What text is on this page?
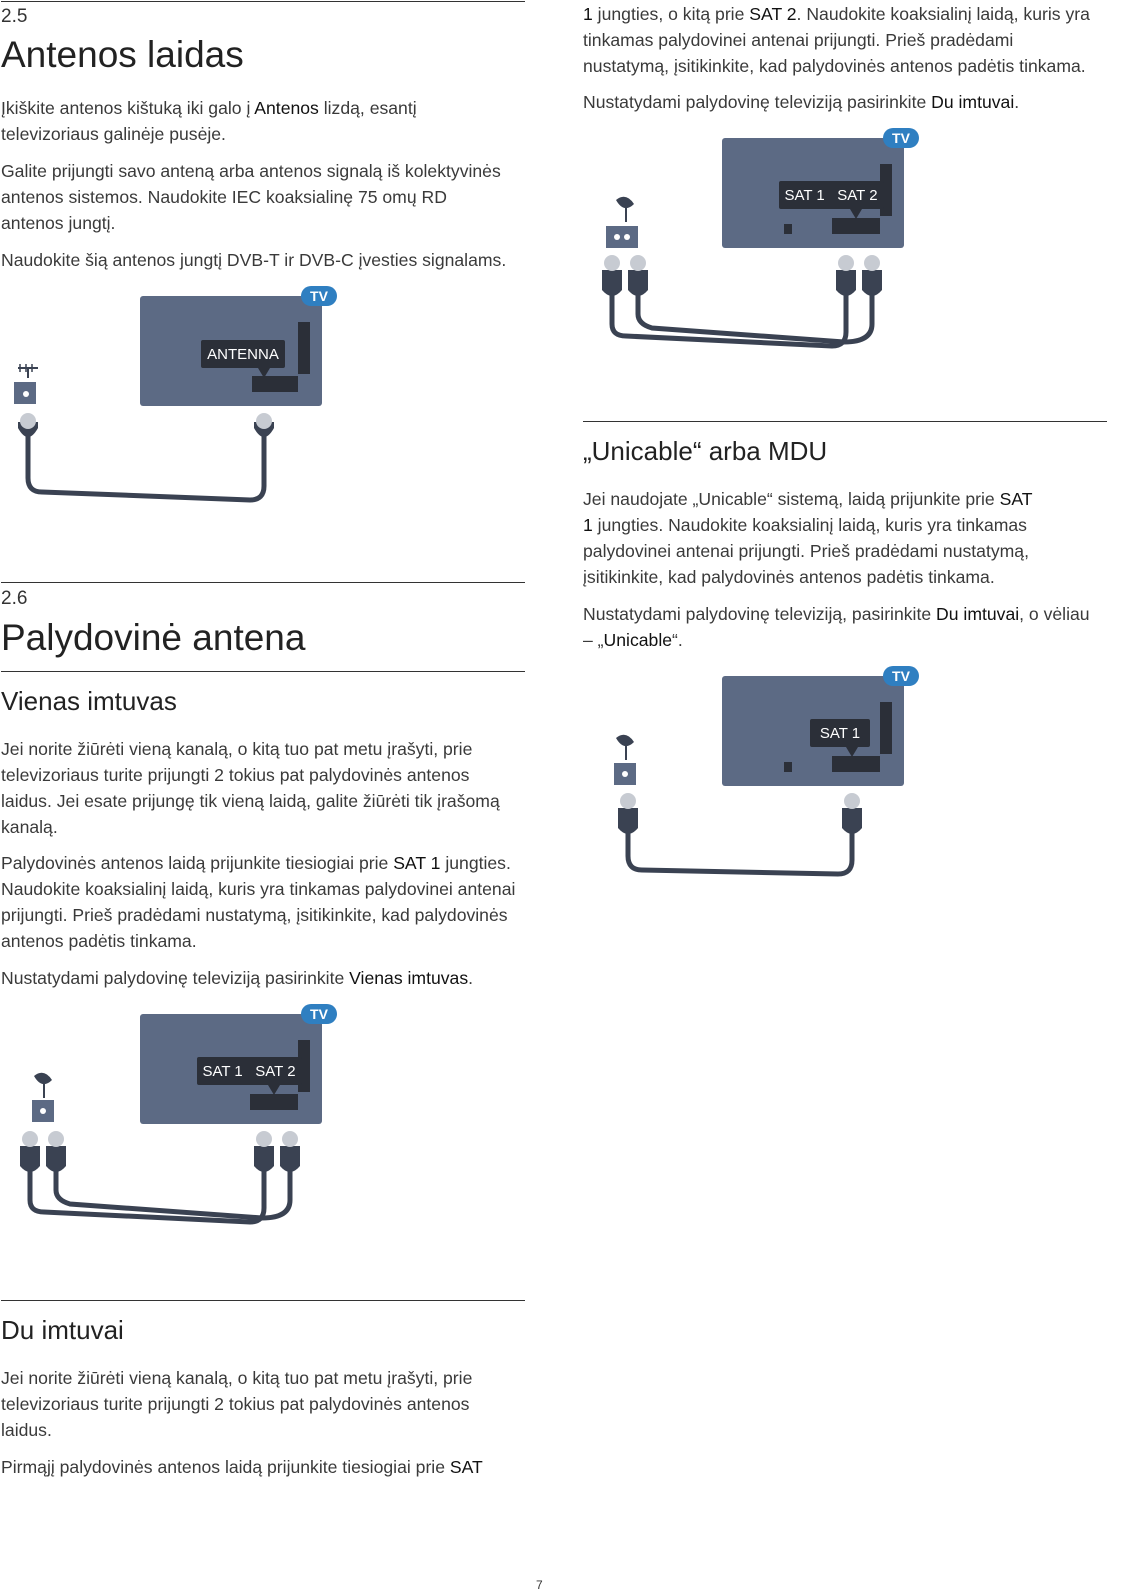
2.5
Antenos laidas

Įkiškite antenos kištuką iki galo į Antenos lizdą, esantį
televizoriaus galinėje pusėje.

Galite prijungti savo anteną arba antenos signalą iš kolektyvinės
antenos sistemos. Naudokite IEC koaksialinę 75 omų RD
antenos jungtį.

Naudokite šią antenos jungtį DVB-T ir DVB-C įvesties signalams.

TV
ANTENNA
2.6
Palydovinė antena
Vienas imtuvas

Jei norite žiūrėti vieną kanalą, o kitą tuo pat metu įrašyti, prie
televizoriaus turite prijungti 2 tokius pat palydovinės antenos
laidus. Jei esate prijungę tik vieną laidą, galite žiūrėti tik įrašomą
kanalą.

Palydovinės antenos laidą prijunkite tiesiogiai prie SAT 1 jungties.
Naudokite koaksialinį laidą, kuris yra tinkamas palydovinei antenai
prijungti. Prieš pradėdami nustatymą, įsitikinkite, kad palydovinės
antenos padėtis tinkama.

Nustatydami palydovinę televiziją pasirinkite Vienas imtuvas.

TV
SAT 1   SAT 2
Du imtuvai

Jei norite žiūrėti vieną kanalą, o kitą tuo pat metu įrašyti, prie
televizoriaus turite prijungti 2 tokius pat palydovinės antenos
laidus.

Pirmąjį palydovinės antenos laidą prijunkite tiesiogiai prie SAT

1 jungties, o kitą prie SAT 2. Naudokite koaksialinį laidą, kuris yra
tinkamas palydovinei antenai prijungti. Prieš pradėdami
nustatymą, įsitikinkite, kad palydovinės antenos padėtis tinkama.

Nustatydami palydovinę televiziją pasirinkite Du imtuvai.

TV
SAT 1   SAT 2
„Unicable“ arba MDU

Jei naudojate „Unicable“ sistemą, laidą prijunkite prie SAT
1 jungties. Naudokite koaksialinį laidą, kuris yra tinkamas
palydovinei antenai prijungti. Prieš pradėdami nustatymą,
įsitikinkite, kad palydovinės antenos padėtis tinkama.

Nustatydami palydovinę televiziją, pasirinkite Du imtuvai, o vėliau
– „Unicable“.

TV
SAT 1
7
